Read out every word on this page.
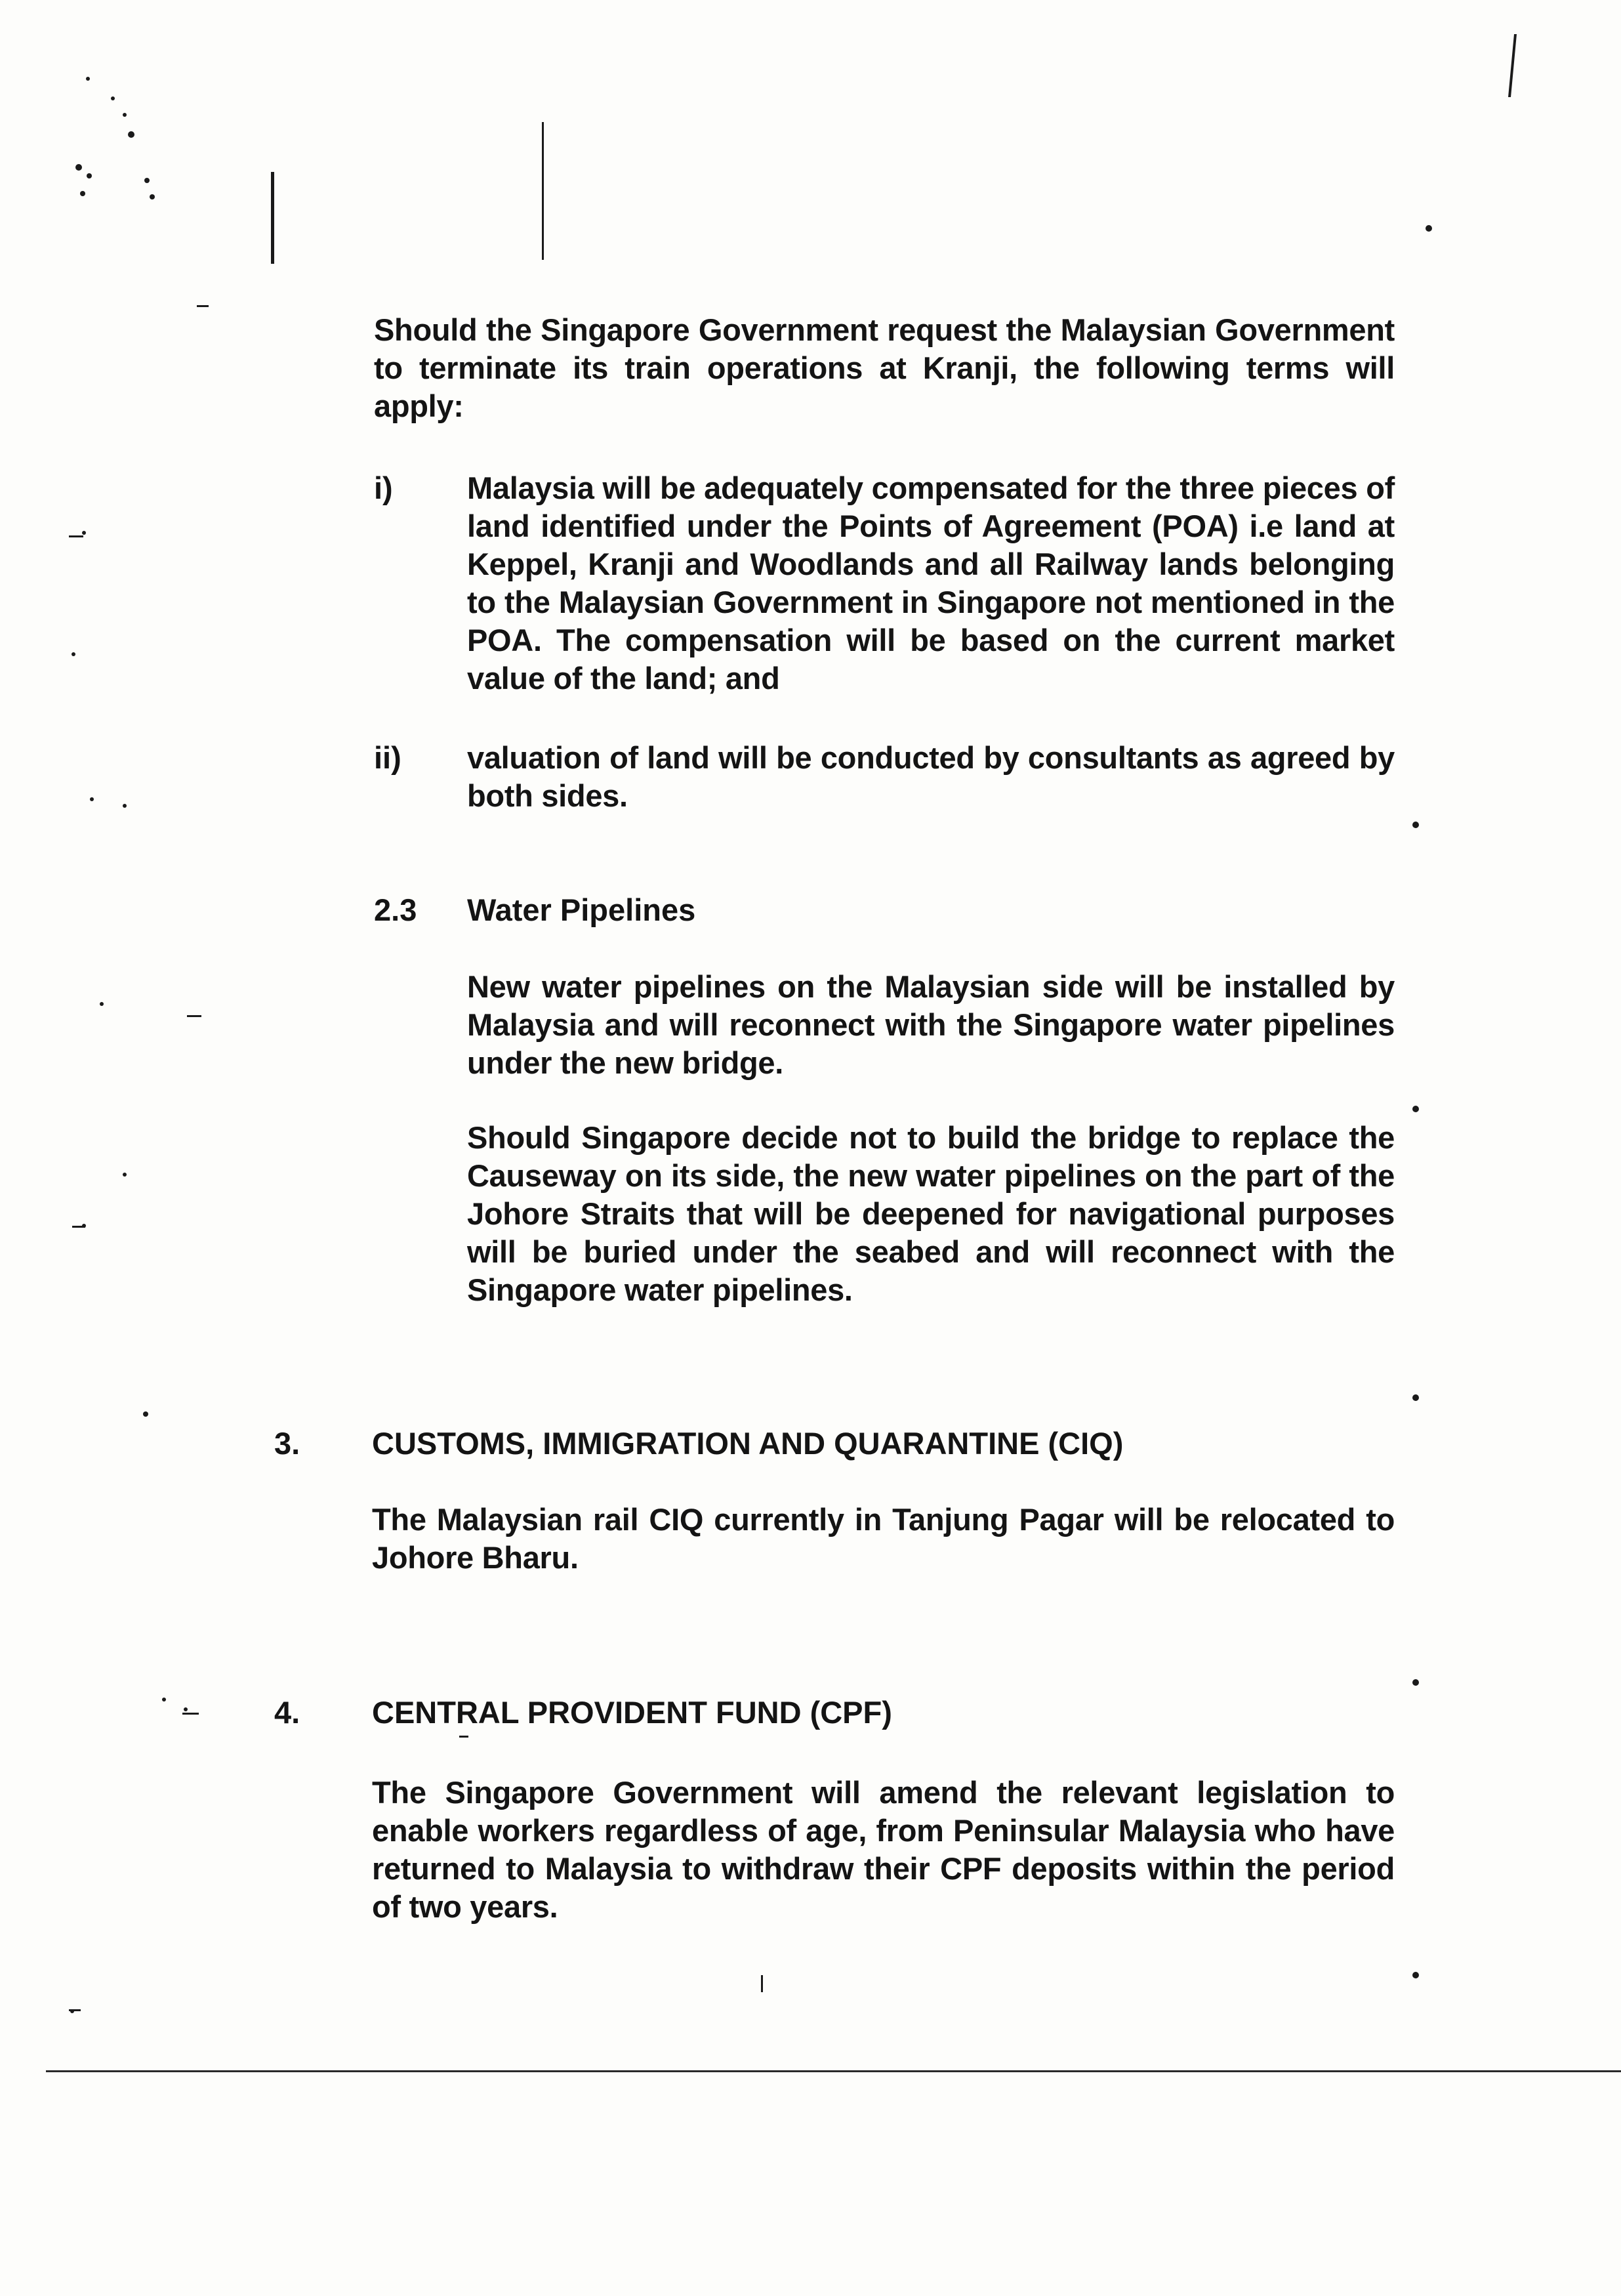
Should the Singapore Government request the Malaysian Government to terminate its train operations at Kranji, the following terms will apply:

i) Malaysia will be adequately compensated for the three pieces of land identified under the Points of Agreement (POA) i.e land at Keppel, Kranji and Woodlands and all Railway lands belonging to the Malaysian Government in Singapore not mentioned in the POA. The compensation will be based on the current market value of the land; and

ii) valuation of land will be conducted by consultants as agreed by both sides.

2.3 Water Pipelines

New water pipelines on the Malaysian side will be installed by Malaysia and will reconnect with the Singapore water pipelines under the new bridge.

Should Singapore decide not to build the bridge to replace the Causeway on its side, the new water pipelines on the part of the Johore Straits that will be deepened for navigational purposes will be buried under the seabed and will reconnect with the Singapore water pipelines.

3. CUSTOMS, IMMIGRATION AND QUARANTINE (CIQ)

The Malaysian rail CIQ currently in Tanjung Pagar will be relocated to Johore Bharu.

4. CENTRAL PROVIDENT FUND (CPF)

The Singapore Government will amend the relevant legislation to enable workers regardless of age, from Peninsular Malaysia who have returned to Malaysia to withdraw their CPF deposits within the period of two years.
